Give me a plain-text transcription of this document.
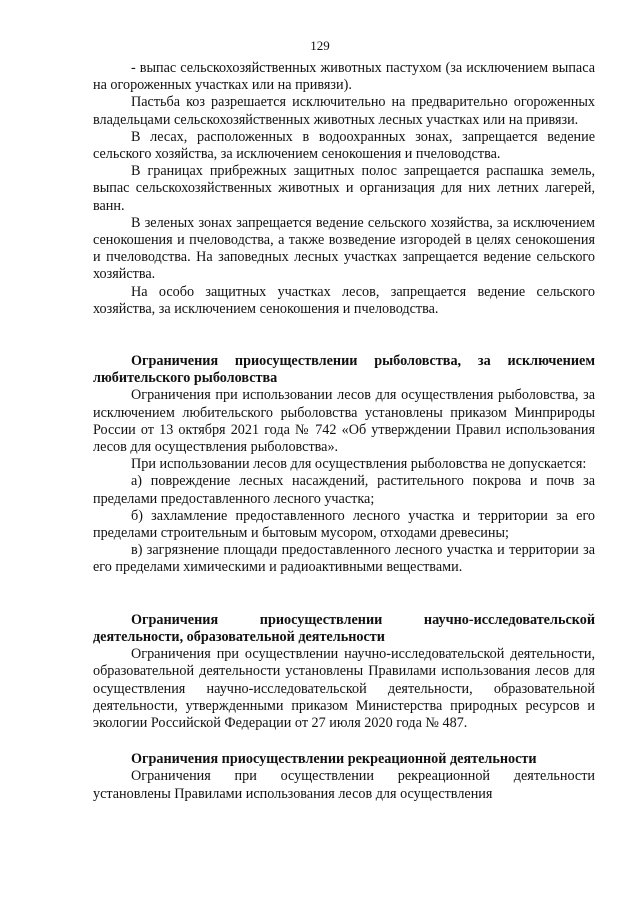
129

- выпас сельскохозяйственных животных пастухом (за исключением выпаса на огороженных участках или на привязи).

Пастьба коз разрешается исключительно на предварительно огороженных владельцами сельскохозяйственных животных лесных участках или на привязи.

В лесах, расположенных в водоохранных зонах, запрещается ведение сельского хозяйства, за исключением сенокошения и пчеловодства.

В границах прибрежных защитных полос запрещается распашка земель, выпас сельскохозяйственных животных и организация для них летних лагерей, ванн.

В зеленых зонах запрещается ведение сельского хозяйства, за исключением сенокошения и пчеловодства, а также возведение изгородей в целях сенокошения и пчеловодства. На заповедных лесных участках запрещается ведение сельского хозяйства.

На особо защитных участках лесов, запрещается ведение сельского хозяйства, за исключением сенокошения и пчеловодства.

Ограничения приосуществлении рыболовства, за исключением любительского рыболовства

Ограничения при использовании лесов для осуществления рыболовства, за исключением любительского рыболовства установлены приказом Минприроды России от 13 октября 2021 года № 742 «Об утверждении Правил использования лесов для осуществления рыболовства».

При использовании лесов для осуществления рыболовства не допускается:

а) повреждение лесных насаждений, растительного покрова и почв за пределами предоставленного лесного участка;

б) захламление предоставленного лесного участка и территории за его пределами строительным и бытовым мусором, отходами древесины;

в) загрязнение площади предоставленного лесного участка и территории за его пределами химическими и радиоактивными веществами.

Ограничения приосуществлении научно-исследовательской деятельности, образовательной деятельности

Ограничения при осуществлении научно-исследовательской деятельности, образовательной деятельности установлены Правилами использования лесов для осуществления научно-исследовательской деятельности, образовательной деятельности, утвержденными приказом Министерства природных ресурсов и экологии Российской Федерации от 27 июля 2020 года № 487.

Ограничения приосуществлении рекреационной деятельности

Ограничения при осуществлении рекреационной деятельности установлены Правилами использования лесов для осуществления
